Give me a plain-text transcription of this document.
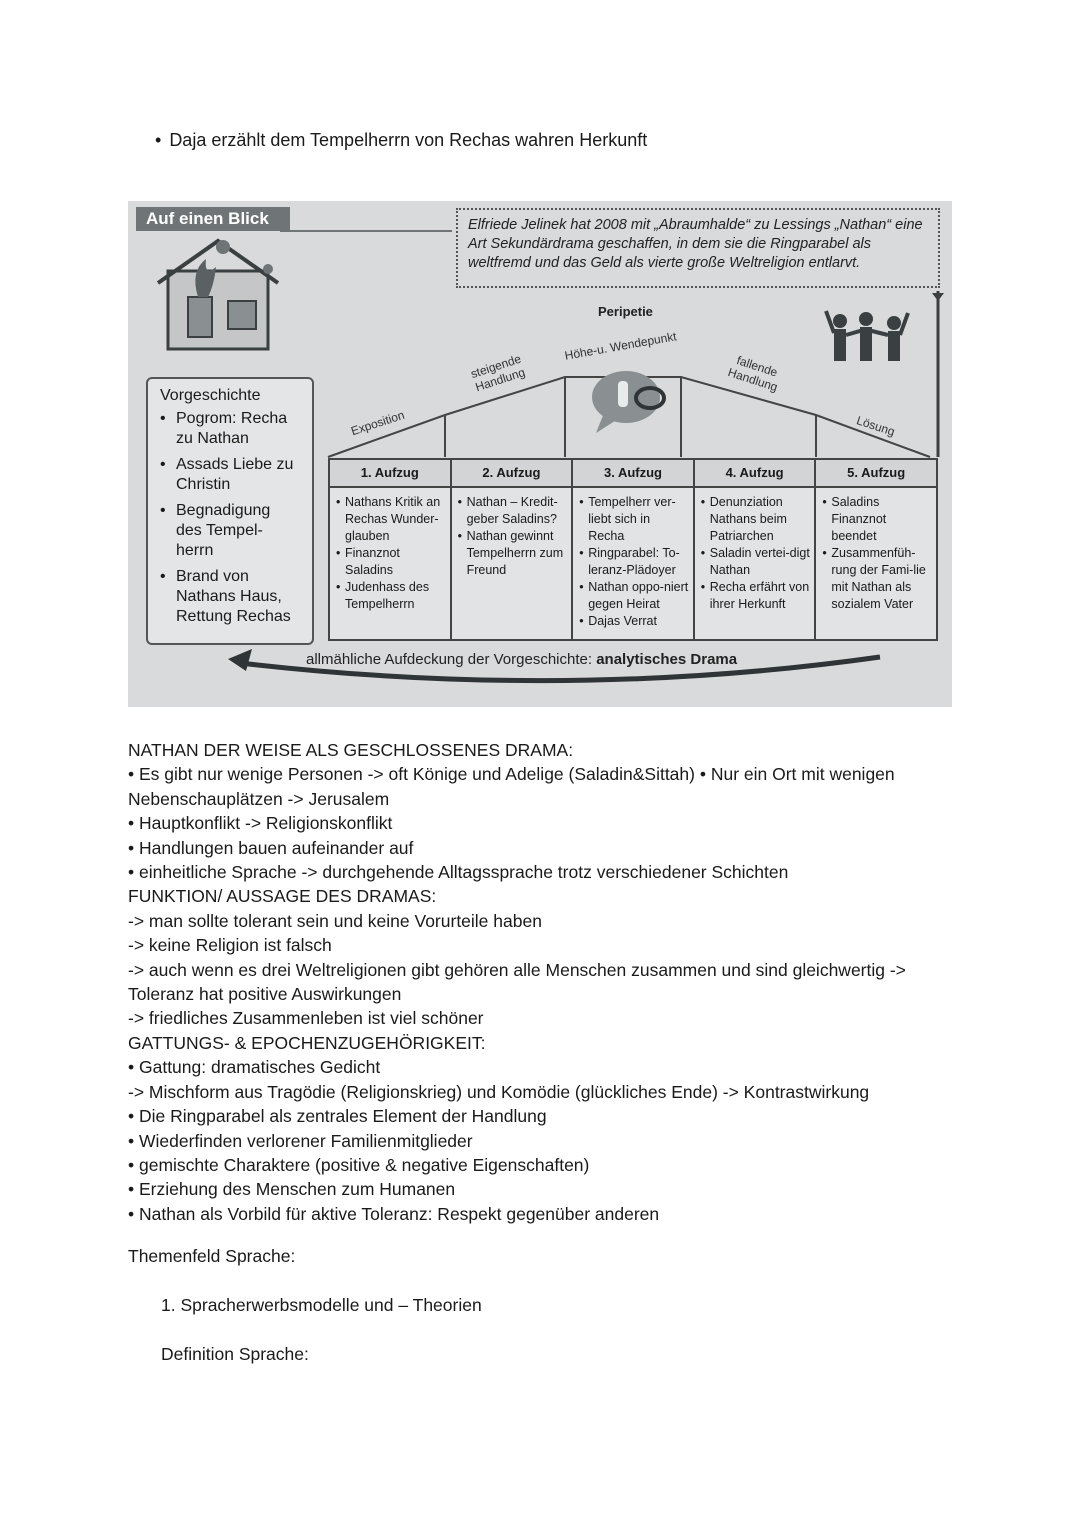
• Daja erzählt dem Tempelherrn von Rechas wahren Herkunft
Auf einen Blick	Elfriede Jelinek hat 2008 mit „Abraumhalde“ zu Lessings „Nathan“ eine Art Sekundärdrama geschaffen, in dem sie die Ringparabel als weltfremd und das Geld als vierte große Weltreligion entlarvt.
Exposition
steigende Handlung
Höhe-u. Wendepunkt
Peripetie
fallende Handlung
Lösung
Vorgeschichte
• Pogrom: Recha zu Nathan
• Assads Liebe zu Christin
• Begnadigung des Tempel-herrn
• Brand von Nathans Haus, Rettung Rechas
1. Aufzug
• Nathans Kritik an Rechas Wunder-glauben
• Finanznot Saladins
• Judenhass des Tempelherrn
2. Aufzug
• Nathan – Kredit-geber Saladins?
• Nathan gewinnt Tempelherrn zum Freund
3. Aufzug
• Tempelherr ver-liebt sich in Recha
• Ringparabel: To-leranz-Plädoyer
• Nathan oppo-niert gegen Heirat
• Dajas Verrat
4. Aufzug
• Denunziation Nathans beim Patriarchen
• Saladin vertei-digt Nathan
• Recha erfährt von ihrer Herkunft
5. Aufzug
• Saladins Finanznot beendet
• Zusammenfüh-rung der Fami-lie mit Nathan als sozialem Vater
allmähliche Aufdeckung der Vorgeschichte: analytisches Drama

NATHAN DER WEISE ALS GESCHLOSSENES DRAMA:

• Es gibt nur wenige Personen -> oft Könige und Adelige (Saladin&Sittah) • Nur ein Ort mit wenigen

Nebenschauplätzen -> Jerusalem

• Hauptkonflikt -> Religionskonflikt

• Handlungen bauen aufeinander auf

• einheitliche Sprache -> durchgehende Alltagssprache trotz verschiedener Schichten

FUNKTION/ AUSSAGE DES DRAMAS:

-> man sollte tolerant sein und keine Vorurteile haben

-> keine Religion ist falsch

-> auch wenn es drei Weltreligionen gibt gehören alle Menschen zusammen und sind gleichwertig ->

Toleranz hat positive Auswirkungen

-> friedliches Zusammenleben ist viel schöner

GATTUNGS- & EPOCHENZUGEHÖRIGKEIT:

• Gattung: dramatisches Gedicht

-> Mischform aus Tragödie (Religionskrieg) und Komödie (glückliches Ende) -> Kontrastwirkung

• Die Ringparabel als zentrales Element der Handlung

• Wiederfinden verlorener Familienmitglieder

• gemischte Charaktere (positive & negative Eigenschaften)

• Erziehung des Menschen zum Humanen

• Nathan als Vorbild für aktive Toleranz: Respekt gegenüber anderen

Themenfeld Sprache:
1. Spracherwerbsmodelle und – Theorien
Definition Sprache:
